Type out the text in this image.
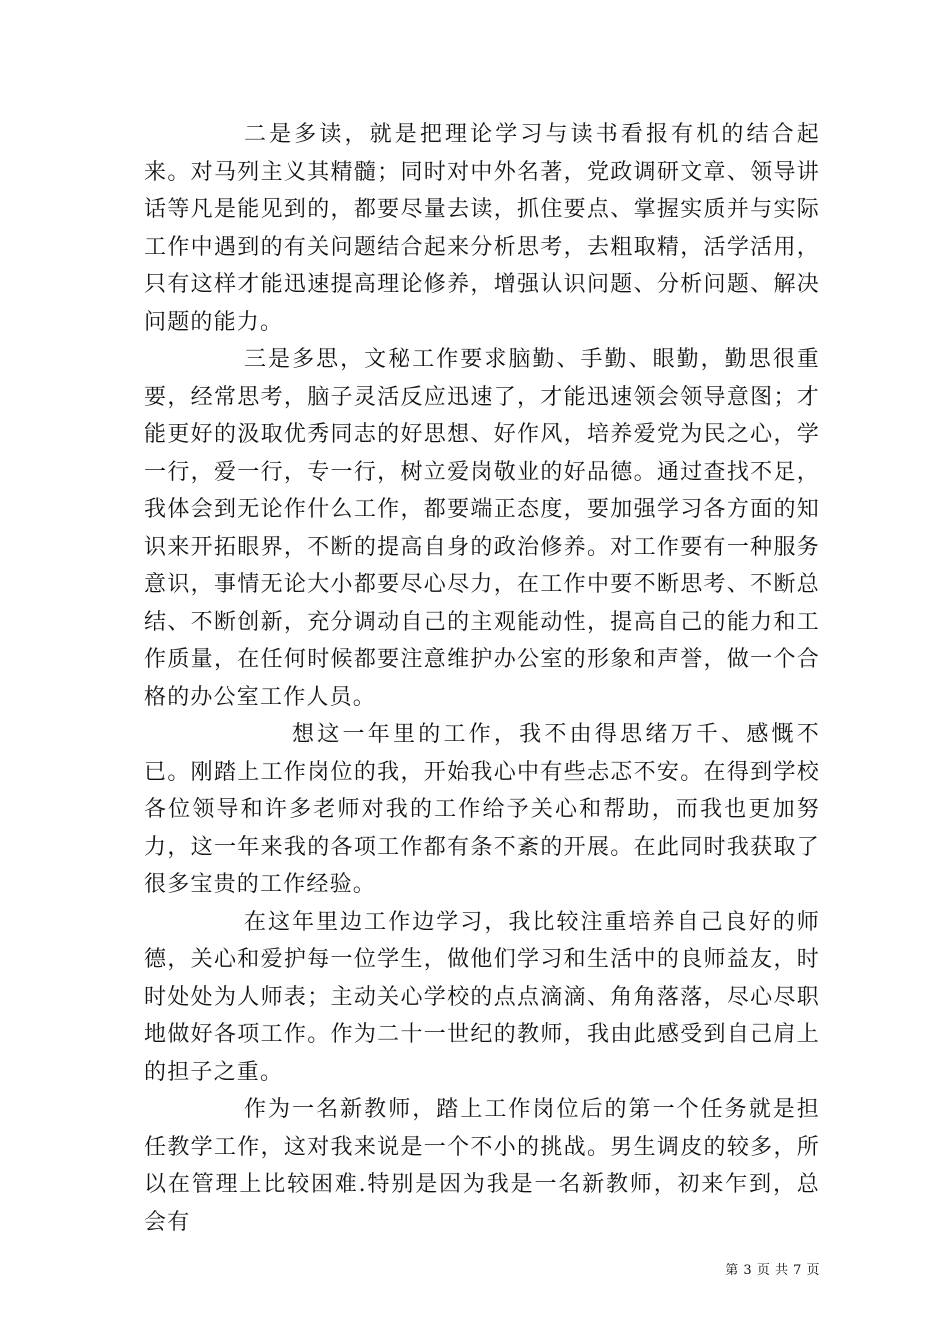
二是多读，就是把理论学习与读书看报有机的结合起来。对马列主义其精髓；同时对中外名著，党政调研文章、领导讲话等凡是能见到的，都要尽量去读，抓住要点、掌握实质并与实际工作中遇到的有关问题结合起来分析思考，去粗取精，活学活用，只有这样才能迅速提高理论修养，增强认识问题、分析问题、解决问题的能力。

三是多思，文秘工作要求脑勤、手勤、眼勤，勤思很重要，经常思考，脑子灵活反应迅速了，才能迅速领会领导意图；才能更好的汲取优秀同志的好思想、好作风，培养爱党为民之心，学一行，爱一行，专一行，树立爱岗敬业的好品德。通过查找不足，我体会到无论作什么工作，都要端正态度，要加强学习各方面的知识来开拓眼界，不断的提高自身的政治修养。对工作要有一种服务意识，事情无论大小都要尽心尽力，在工作中要不断思考、不断总结、不断创新，充分调动自己的主观能动性，提高自己的能力和工作质量，在任何时候都要注意维护办公室的形象和声誉，做一个合格的办公室工作人员。

想这一年里的工作，我不由得思绪万千、感慨不已。刚踏上工作岗位的我，开始我心中有些忐忑不安。在得到学校各位领导和许多老师对我的工作给予关心和帮助，而我也更加努力，这一年来我的各项工作都有条不紊的开展。在此同时我获取了很多宝贵的工作经验。

在这年里边工作边学习，我比较注重培养自己良好的师德，关心和爱护每一位学生，做他们学习和生活中的良师益友，时时处处为人师表；主动关心学校的点点滴滴、角角落落，尽心尽职地做好各项工作。作为二十一世纪的教师，我由此感受到自己肩上的担子之重。

作为一名新教师，踏上工作岗位后的第一个任务就是担任教学工作，这对我来说是一个不小的挑战。男生调皮的较多，所以在管理上比较困难.特别是因为我是一名新教师，初来乍到，总会有

第 3 页 共 7 页
